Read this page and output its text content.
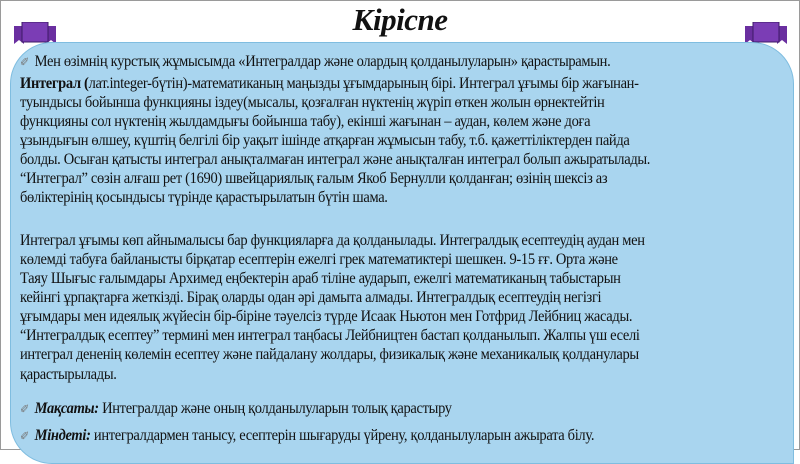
Кіріспе
✐ Мен өзімнің курстық жұмысымда «Интегралдар және олардың қолданылуларын» қарастырамын.
Интеграл (лат.integer-бүтін)-математиканың маңызды ұғымдарының бірі. Интеграл ұғымы бір жағынан-
туындысы бойынша функцияны іздеу(мысалы, қозғалған нүктенің жүріп өткен жолын өрнектейтін
функцияны сол нүктенің жылдамдығы бойынша табу), екінші жағынан – аудан, көлем және доға
ұзындығын өлшеу, күштің белгілі бір уақыт ішінде атқарған жұмысын табу, т.б. қажеттіліктерден пайда
болды. Осыған қатысты интеграл анықталмаған интеграл және анықталған интеграл болып ажыратылады.
“Интеграл” сөзін алғаш рет (1690) швейцариялық ғалым Якоб Бернулли қолданған; өзінің шексіз аз
бөліктерінің қосындысы түрінде қарастырылатын бүтін шама.
Интеграл ұғымы көп айнымалысы бар функцияларға да қолданылады. Интегралдық есептеудің аудан мен
көлемді табуға байланысты бірқатар есептерін ежелгі грек математиктері шешкен. 9-15 ғғ. Орта және
Таяу Шығыс ғалымдары Архимед еңбектерін араб тіліне аударып, ежелгі математиканың табыстарын
кейінгі ұрпақтарға жеткізді. Бірақ оларды одан әрі дамыта алмады. Интегралдық есептеудің негізгі
ұғымдары мен идеялық жүйесін бір-біріне тәуелсіз түрде Исаак Ньютон мен Готфрид Лейбниц жасады.
“Интегралдық есептеу” термині мен интеграл таңбасы Лейбництен бастап қолданылып. Жалпы үш еселі
интеграл дененің көлемін есептеу және пайдалану жолдары, физикалық және механикалық қолданулары
қарастырылады.
✐ Мақсаты: Интегралдар және оның қолданылуларын толық қарастыру
✐ Міндеті: интегралдармен танысу, есептерін шығаруды үйрену, қолданылуларын ажырата білу.
